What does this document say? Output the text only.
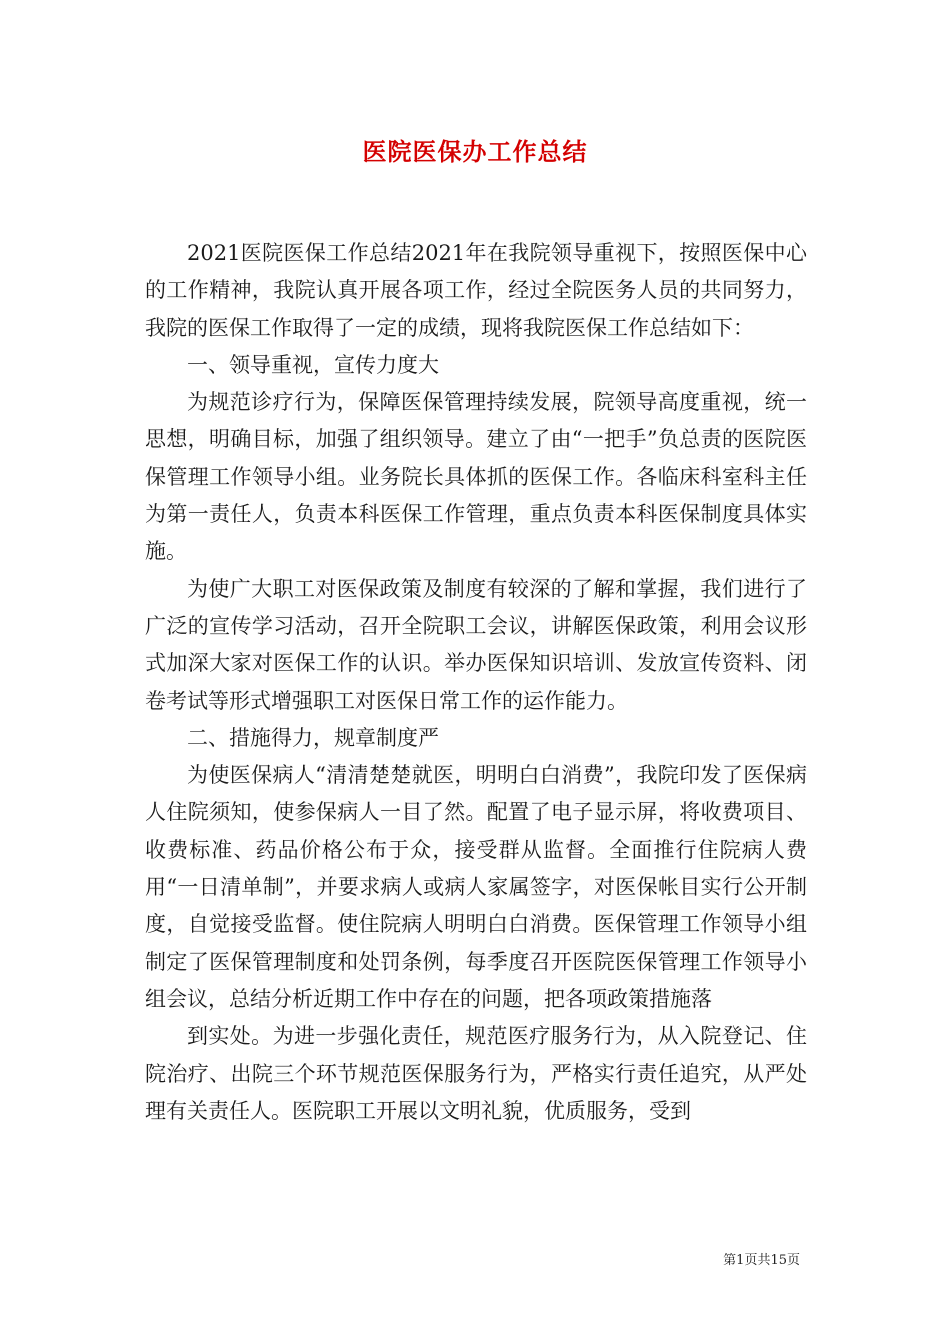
医院医保办工作总结

2021医院医保工作总结2021年在我院领导重视下，按照医保中心的工作精神，我院认真开展各项工作，经过全院医务人员的共同努力，我院的医保工作取得了一定的成绩，现将我院医保工作总结如下：

一、领导重视，宣传力度大

为规范诊疗行为，保障医保管理持续发展，院领导高度重视，统一思想，明确目标，加强了组织领导。建立了由“一把手”负总责的医院医保管理工作领导小组。业务院长具体抓的医保工作。各临床科室科主任为第一责任人，负责本科医保工作管理，重点负责本科医保制度具体实施。

为使广大职工对医保政策及制度有较深的了解和掌握，我们进行了广泛的宣传学习活动，召开全院职工会议，讲解医保政策，利用会议形式加深大家对医保工作的认识。举办医保知识培训、发放宣传资料、闭卷考试等形式增强职工对医保日常工作的运作能力。

二、措施得力，规章制度严

为使医保病人“清清楚楚就医，明明白白消费”，我院印发了医保病人住院须知，使参保病人一目了然。配置了电子显示屏，将收费项目、收费标准、药品价格公布于众，接受群从监督。全面推行住院病人费用“一日清单制”，并要求病人或病人家属签字，对医保帐目实行公开制度，自觉接受监督。使住院病人明明白白消费。医保管理工作领导小组制定了医保管理制度和处罚条例，每季度召开医院医保管理工作领导小组会议，总结分析近期工作中存在的问题，把各项政策措施落

到实处。为进一步强化责任，规范医疗服务行为，从入院登记、住院治疗、出院三个环节规范医保服务行为，严格实行责任追究，从严处理有关责任人。医院职工开展以文明礼貌，优质服务，受到

第1页共15页
